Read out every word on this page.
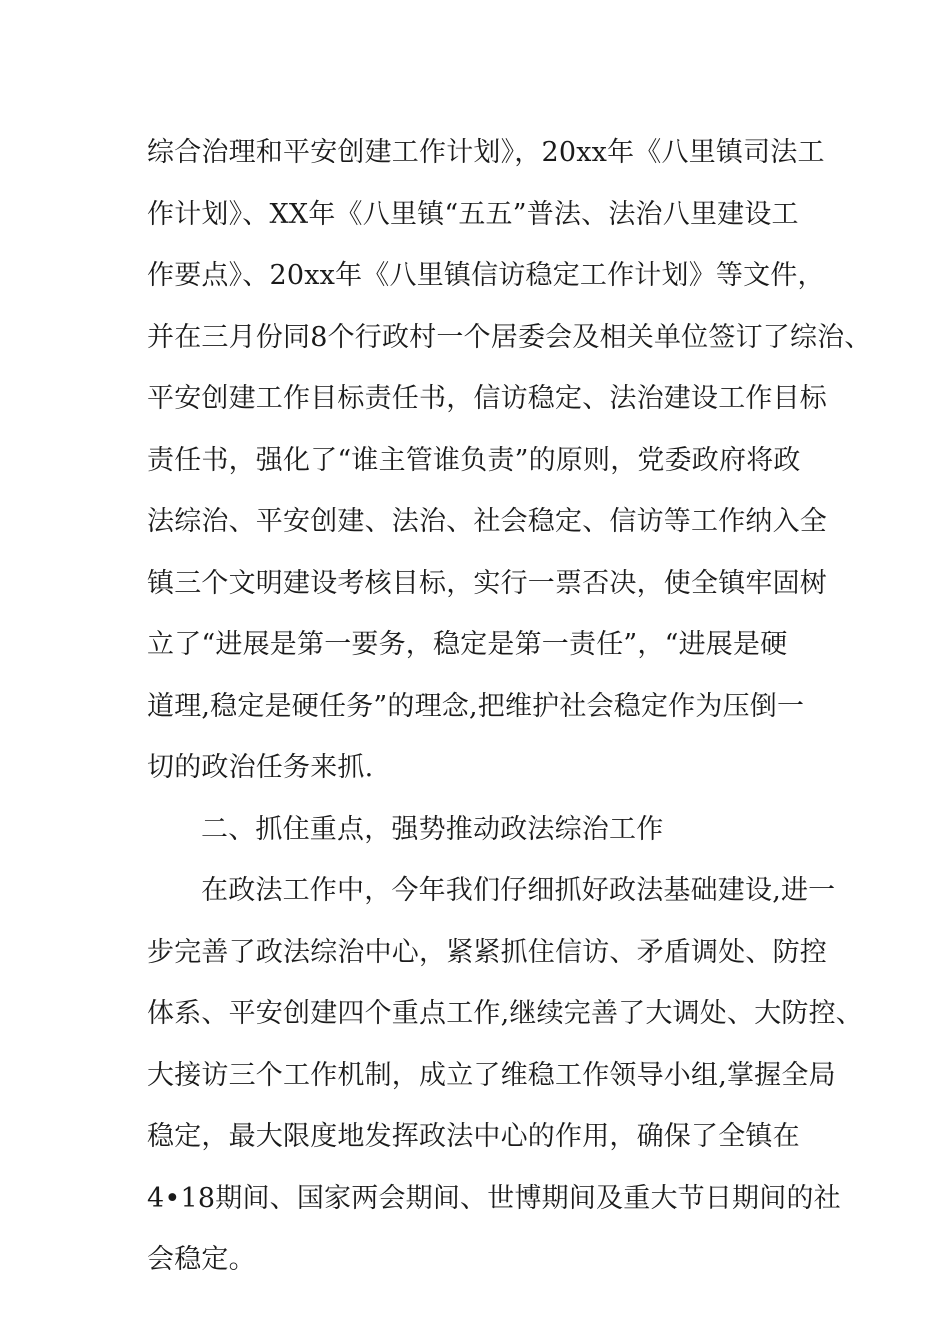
综合治理和平安创建工作计划》，20xx年《八里镇司法工
作计划》、XX年《八里镇“五五”普法、法治八里建设工
作要点》、20xx年《八里镇信访稳定工作计划》等文件，
并在三月份同8个行政村一个居委会及相关单位签订了综治、
平安创建工作目标责任书，信访稳定、法治建设工作目标
责任书，强化了“谁主管谁负责”的原则，党委政府将政
法综治、平安创建、法治、社会稳定、信访等工作纳入全
镇三个文明建设考核目标，实行一票否决，使全镇牢固树
立了“进展是第一要务，稳定是第一责任”，“进展是硬
道理,稳定是硬任务”的理念,把维护社会稳定作为压倒一
切的政治任务来抓.
二、抓住重点，强势推动政法综治工作
在政法工作中，今年我们仔细抓好政法基础建设,进一
步完善了政法综治中心，紧紧抓住信访、矛盾调处、防控
体系、平安创建四个重点工作,继续完善了大调处、大防控、
大接访三个工作机制，成立了维稳工作领导小组,掌握全局
稳定，最大限度地发挥政法中心的作用，确保了全镇在
4•18期间、国家两会期间、世博期间及重大节日期间的社
会稳定。
